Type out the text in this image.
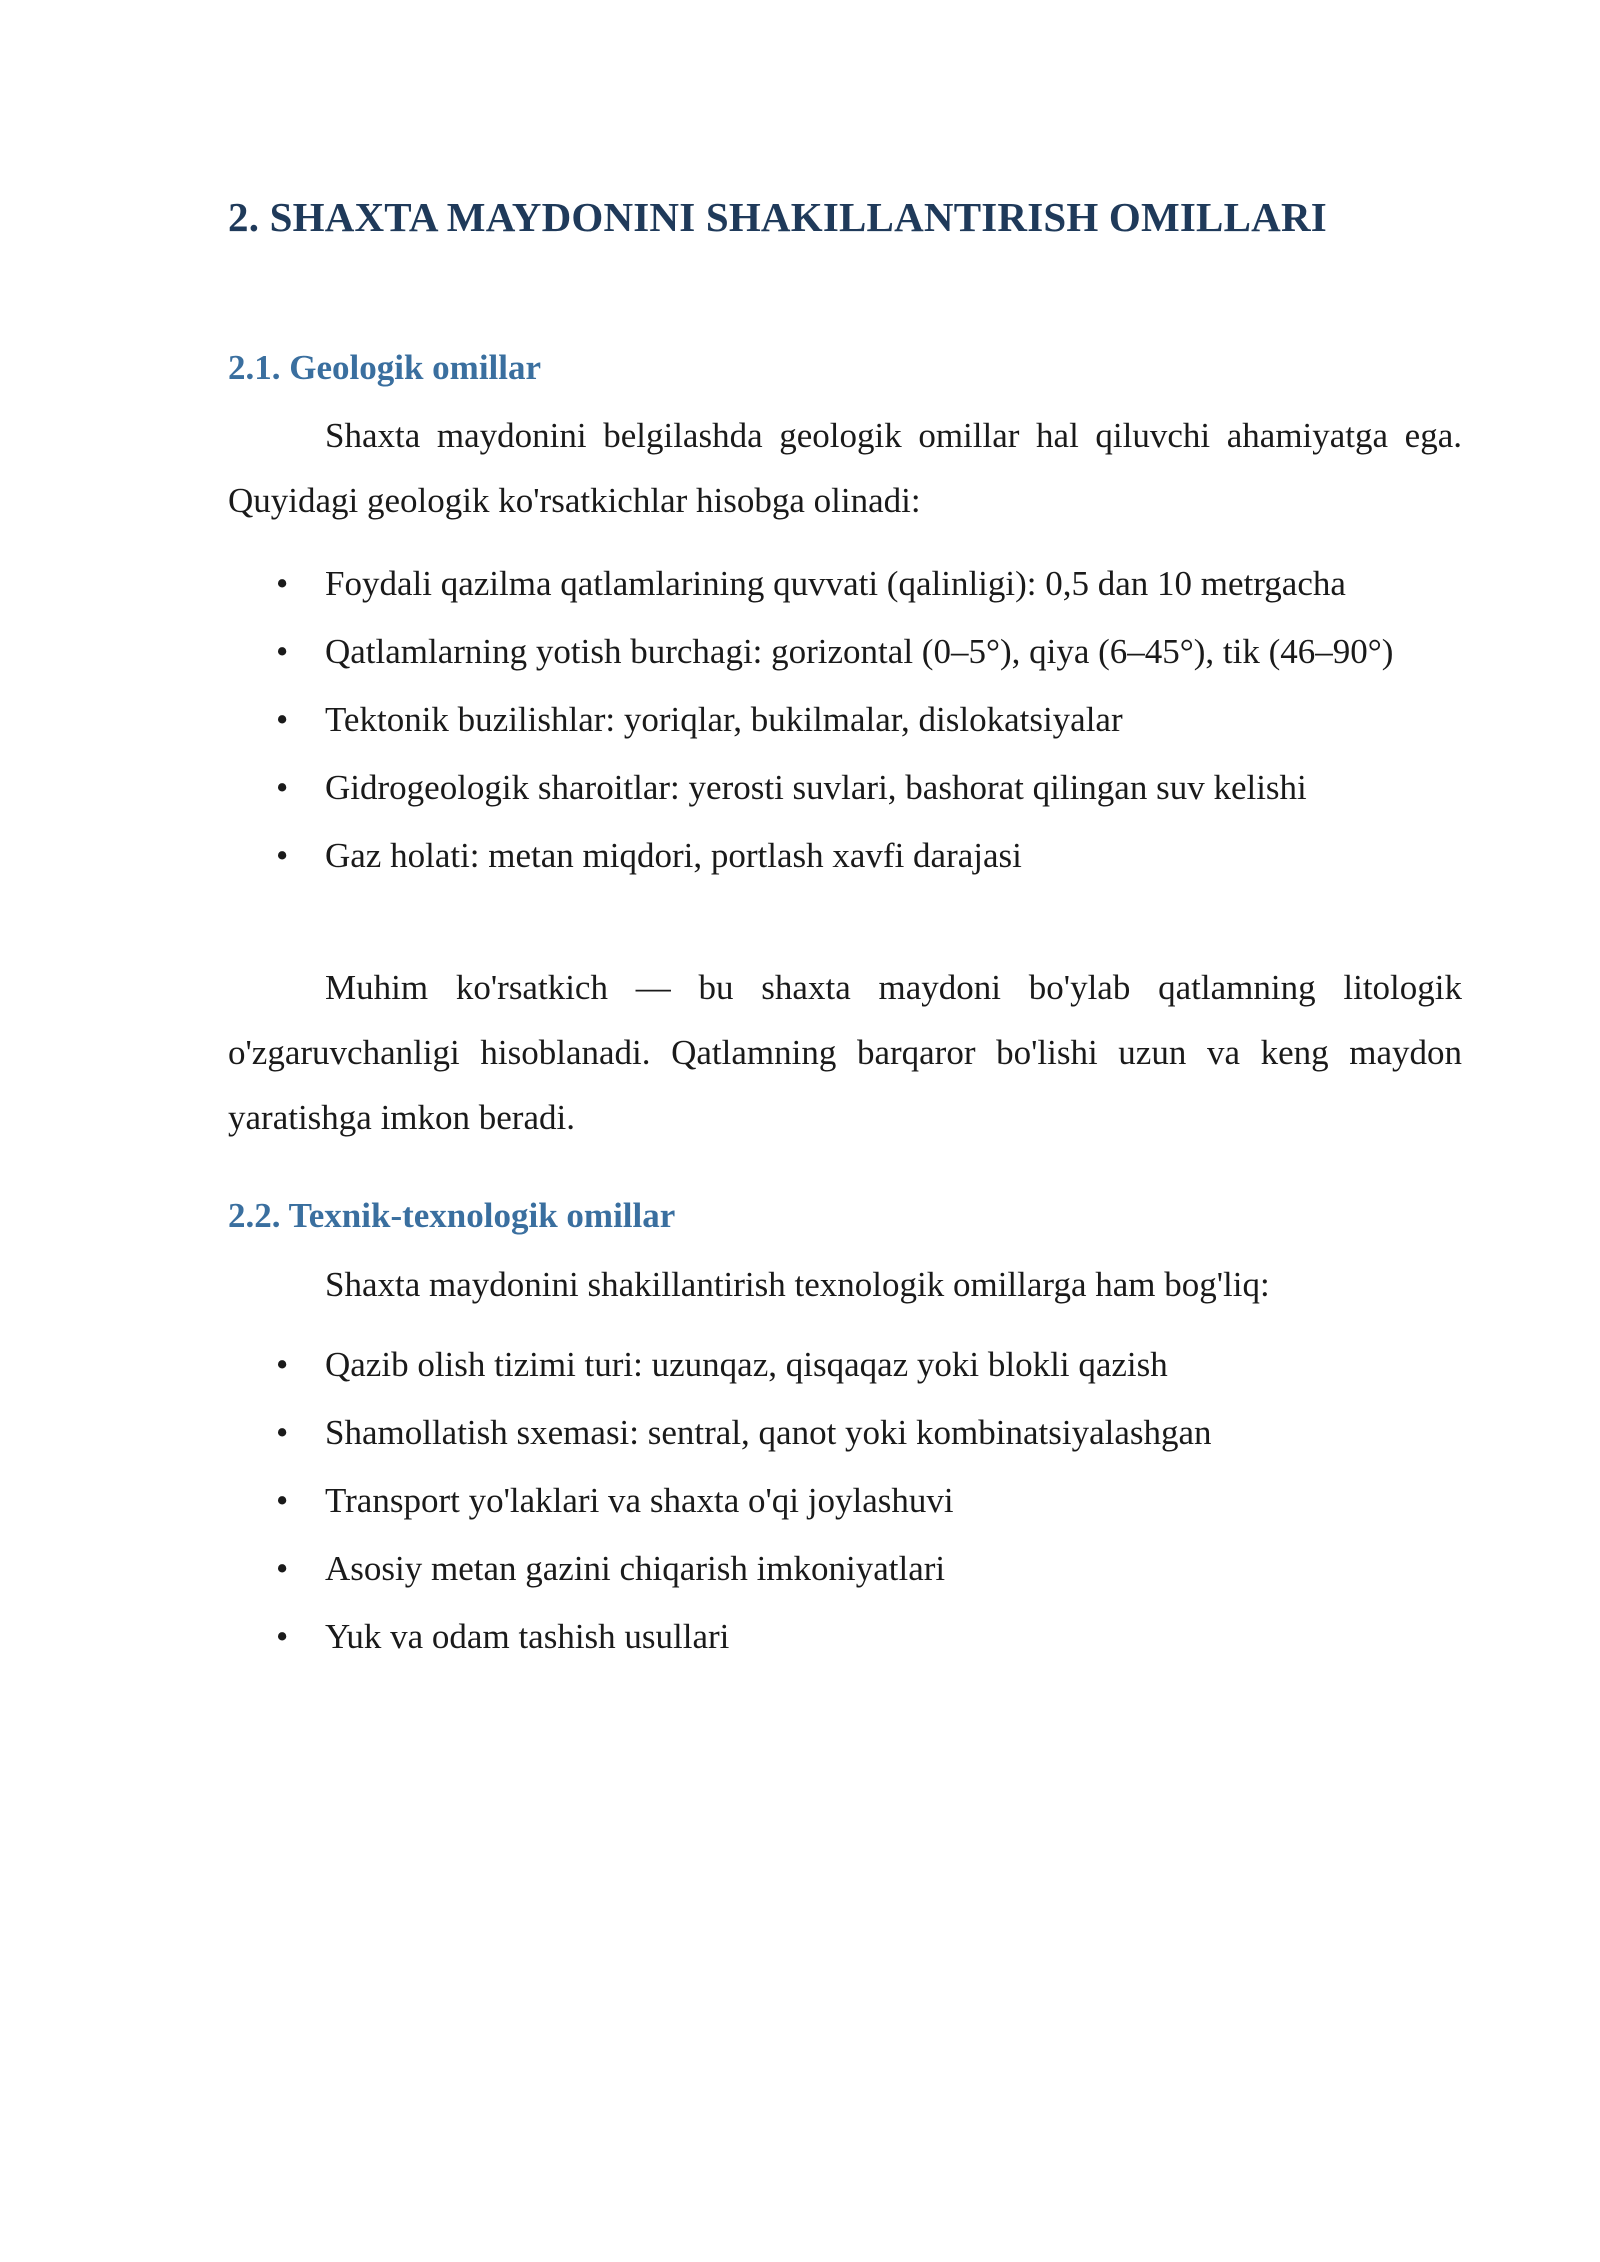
2. SHAXTA MAYDONINI SHAKILLANTIRISH OMILLARI
2.1. Geologik omillar

Shaxta maydonini belgilashda geologik omillar hal qiluvchi ahamiyatga ega. Quyidagi geologik ko'rsatkichlar hisobga olinadi:

• Foydali qazilma qatlamlarining quvvati (qalinligi): 0,5 dan 10 metrgacha
• Qatlamlarning yotish burchagi: gorizontal (0–5°), qiya (6–45°), tik (46–90°)
• Tektonik buzilishlar: yoriqlar, bukilmalar, dislokatsiyalar
• Gidrogeologik sharoitlar: yerosti suvlari, bashorat qilingan suv kelishi
• Gaz holati: metan miqdori, portlash xavfi darajasi

Muhim ko'rsatkich — bu shaxta maydoni bo'ylab qatlamning litologik o'zgaruvchanligi hisoblanadi. Qatlamning barqaror bo'lishi uzun va keng maydon yaratishga imkon beradi.

2.2. Texnik-texnologik omillar

Shaxta maydonini shakillantirish texnologik omillarga ham bog'liq:

• Qazib olish tizimi turi: uzunqaz, qisqaqaz yoki blokli qazish
• Shamollatish sxemasi: sentral, qanot yoki kombinatsiyalashgan
• Transport yo'laklari va shaxta o'qi joylashuvi
• Asosiy metan gazini chiqarish imkoniyatlari
• Yuk va odam tashish usullari
